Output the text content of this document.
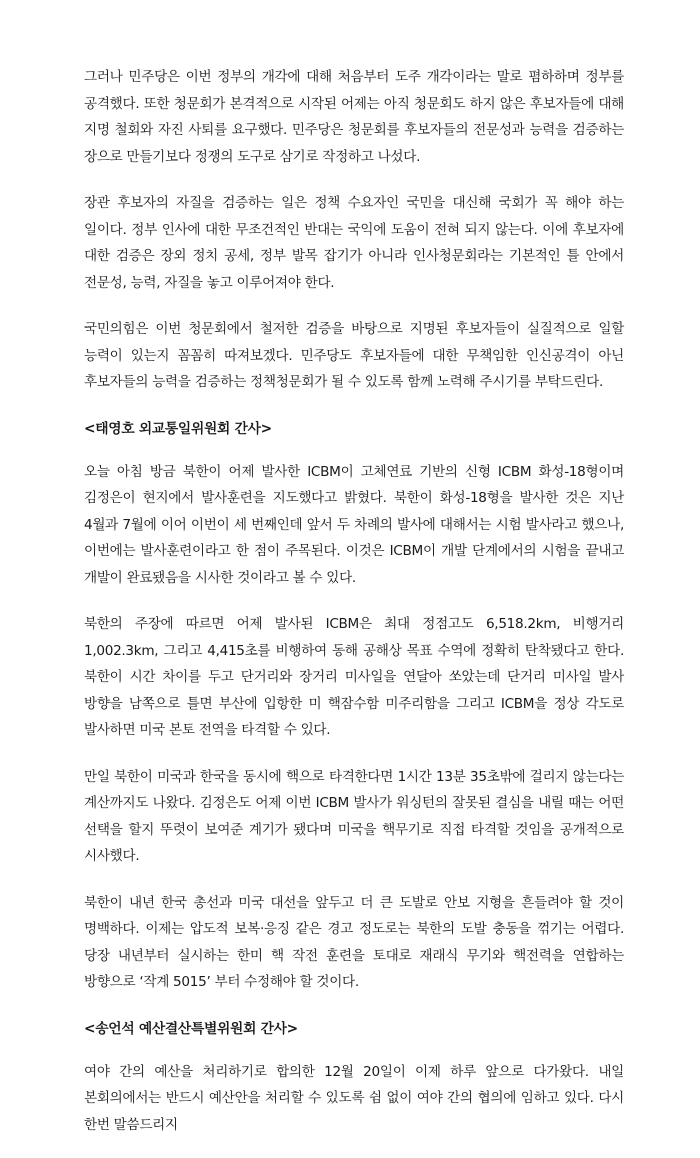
그러나 민주당은 이번 정부의 개각에 대해 처음부터 도주 개각이라는 말로 폄하하며 정부를 공격했다. 또한 청문회가 본격적으로 시작된 어제는 아직 청문회도 하지 않은 후보자들에 대해 지명 철회와 자진 사퇴를 요구했다. 민주당은 청문회를 후보자들의 전문성과 능력을 검증하는 장으로 만들기보다 정쟁의 도구로 삼기로 작정하고 나섰다.

장관 후보자의 자질을 검증하는 일은 정책 수요자인 국민을 대신해 국회가 꼭 해야 하는 일이다. 정부 인사에 대한 무조건적인 반대는 국익에 도움이 전혀 되지 않는다. 이에 후보자에 대한 검증은 장외 정치 공세, 정부 발목 잡기가 아니라 인사청문회라는 기본적인 틀 안에서 전문성, 능력, 자질을 놓고 이루어져야 한다.

국민의힘은 이번 청문회에서 철저한 검증을 바탕으로 지명된 후보자들이 실질적으로 일할 능력이 있는지 꼼꼼히 따져보겠다. 민주당도 후보자들에 대한 무책임한 인신공격이 아닌 후보자들의 능력을 검증하는 정책청문회가 될 수 있도록 함께 노력해 주시기를 부탁드린다.

<태영호 외교통일위원회 간사>

오늘 아침 방금 북한이 어제 발사한 ICBM이 고체연료 기반의 신형 ICBM 화성-18형이며 김정은이 현지에서 발사훈련을 지도했다고 밝혔다. 북한이 화성-18형을 발사한 것은 지난 4월과 7월에 이어 이번이 세 번째인데 앞서 두 차례의 발사에 대해서는 시험 발사라고 했으나, 이번에는 발사훈련이라고 한 점이 주목된다. 이것은 ICBM이 개발 단계에서의 시험을 끝내고 개발이 완료됐음을 시사한 것이라고 볼 수 있다.

북한의 주장에 따르면 어제 발사된 ICBM은 최대 정점고도 6,518.2km, 비행거리 1,002.3km, 그리고 4,415초를 비행하여 동해 공해상 목표 수역에 정확히 탄착됐다고 한다. 북한이 시간 차이를 두고 단거리와 장거리 미사일을 연달아 쏘았는데 단거리 미사일 발사 방향을 남쪽으로 틀면 부산에 입항한 미 핵잠수함 미주리함을 그리고 ICBM을 정상 각도로 발사하면 미국 본토 전역을 타격할 수 있다.

만일 북한이 미국과 한국을 동시에 핵으로 타격한다면 1시간 13분 35초밖에 걸리지 않는다는 계산까지도 나왔다. 김정은도 어제 이번 ICBM 발사가 워싱턴의 잘못된 결심을 내릴 때는 어떤 선택을 할지 뚜렷이 보여준 계기가 됐다며 미국을 핵무기로 직접 타격할 것임을 공개적으로 시사했다.

북한이 내년 한국 총선과 미국 대선을 앞두고 더 큰 도발로 안보 지형을 흔들려야 할 것이 명백하다. 이제는 압도적 보복·응징 같은 경고 정도로는 북한의 도발 충동을 꺾기는 어렵다. 당장 내년부터 실시하는 한미 핵 작전 훈련을 토대로 재래식 무기와 핵전력을 연합하는 방향으로 ‘작계 5015’ 부터 수정해야 할 것이다.

<송언석 예산결산특별위원회 간사>

여야 간의 예산을 처리하기로 합의한 12월 20일이 이제 하루 앞으로 다가왔다. 내일 본회의에서는 반드시 예산안을 처리할 수 있도록 쉼 없이 여야 간의 협의에 임하고 있다. 다시 한번 말씀드리지
